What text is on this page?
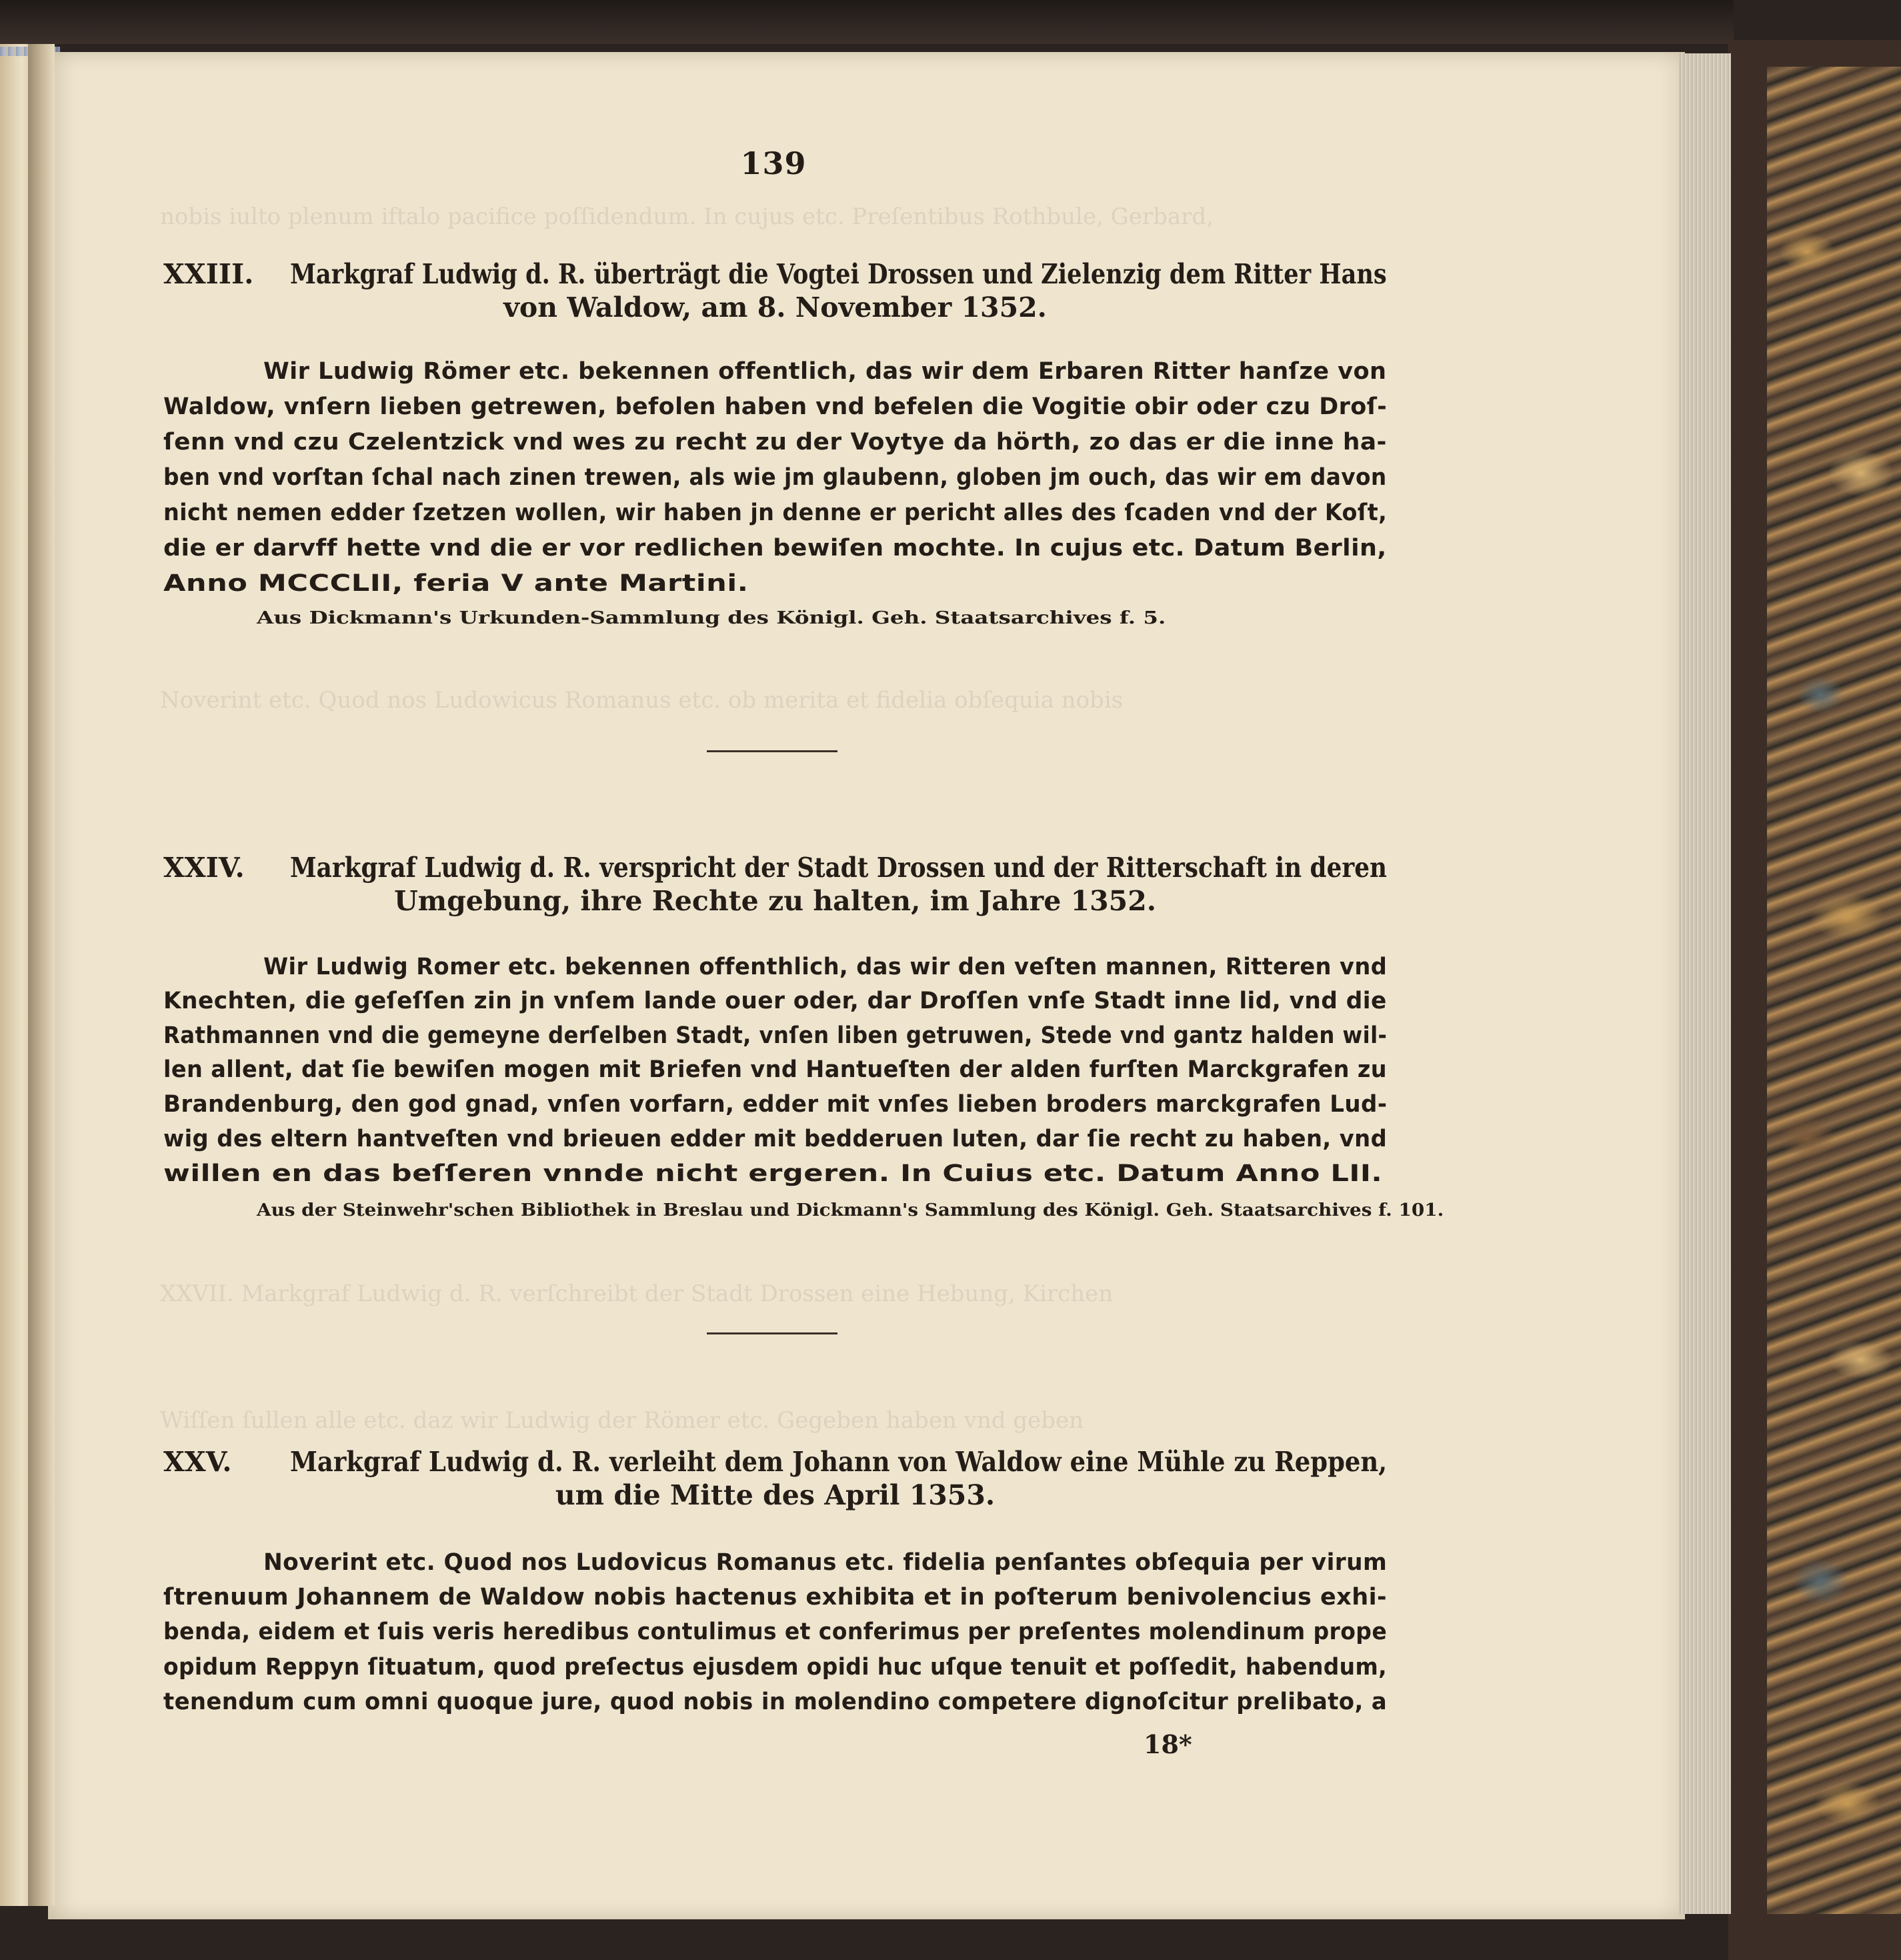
nobis iulto plenum iftalo pacifice poſſidendum. In cujus etc. Preſentibus Rothbule, Gerbard,
Noverint etc. Quod nos Ludowicus Romanus etc. ob merita et fidelia obſequia nobis
XXVII. Markgraf Ludwig d. R. verſchreibt der Stadt Drossen eine Hebung, Kirchen
Wiſſen ſullen alle etc. daz wir Ludwig der Römer etc. Gegeben haben vnd geben
139
XXIII. Markgraf Ludwig d. R. überträgt die Vogtei Drossen und Zielenzig dem Ritter Hans
von Waldow, am 8. November 1352.
Wir Ludwig Römer etc. bekennen offentlich, das wir dem Erbaren Ritter hanſze von
Waldow, vnſern lieben getrewen, befolen haben vnd befelen die Vogitie obir oder czu Droſ-
ſenn vnd czu Czelentzick vnd wes zu recht zu der Voytye da hörth, zo das er die inne ha-
ben vnd vorſtan ſchal nach zinen trewen, als wie jm glaubenn, globen jm ouch, das wir em davon
nicht nemen edder ſzetzen wollen, wir haben jn denne er pericht alles des ſcaden vnd der Koſt,
die er darvff hette vnd die er vor redlichen bewiſen mochte. In cujus etc. Datum Berlin,
Anno MCCCLII, feria V ante Martini.
Aus Dickmann's Urkunden-Sammlung des Königl. Geh. Staatsarchives f. 5.
XXIV. Markgraf Ludwig d. R. verspricht der Stadt Drossen und der Ritterschaft in deren
Umgebung, ihre Rechte zu halten, im Jahre 1352.
Wir Ludwig Romer etc. bekennen offenthlich, das wir den veſten mannen, Ritteren vnd
Knechten, die geſeſſen zin jn vnſem lande ouer oder, dar Droſſen vnſe Stadt inne lid, vnd die
Rathmannen vnd die gemeyne derſelben Stadt, vnſen liben getruwen, Stede vnd gantz halden wil-
len allent, dat ſie bewiſen mogen mit Briefen vnd Hantueſten der alden furſten Marckgrafen zu
Brandenburg, den god gnad, vnſen vorfarn, edder mit vnſes lieben broders marckgrafen Lud-
wig des eltern hantveſten vnd brieuen edder mit bedderuen luten, dar ſie recht zu haben, vnd
willen en das beſſeren vnnde nicht ergeren. In Cuius etc. Datum Anno LII.
Aus der Steinwehr'schen Bibliothek in Breslau und Dickmann's Sammlung des Königl. Geh. Staatsarchives f. 101.
XXV. Markgraf Ludwig d. R. verleiht dem Johann von Waldow eine Mühle zu Reppen,
um die Mitte des April 1353.
Noverint etc. Quod nos Ludovicus Romanus etc. fidelia penſantes obſequia per virum
ſtrenuum Johannem de Waldow nobis hactenus exhibita et in poſterum benivolencius exhi-
benda, eidem et ſuis veris heredibus contulimus et conferimus per preſentes molendinum prope
opidum Reppyn ſituatum, quod preſectus ejusdem opidi huc uſque tenuit et poſſedit, habendum,
tenendum cum omni quoque jure, quod nobis in molendino competere dignoſcitur prelibato, a
18*
